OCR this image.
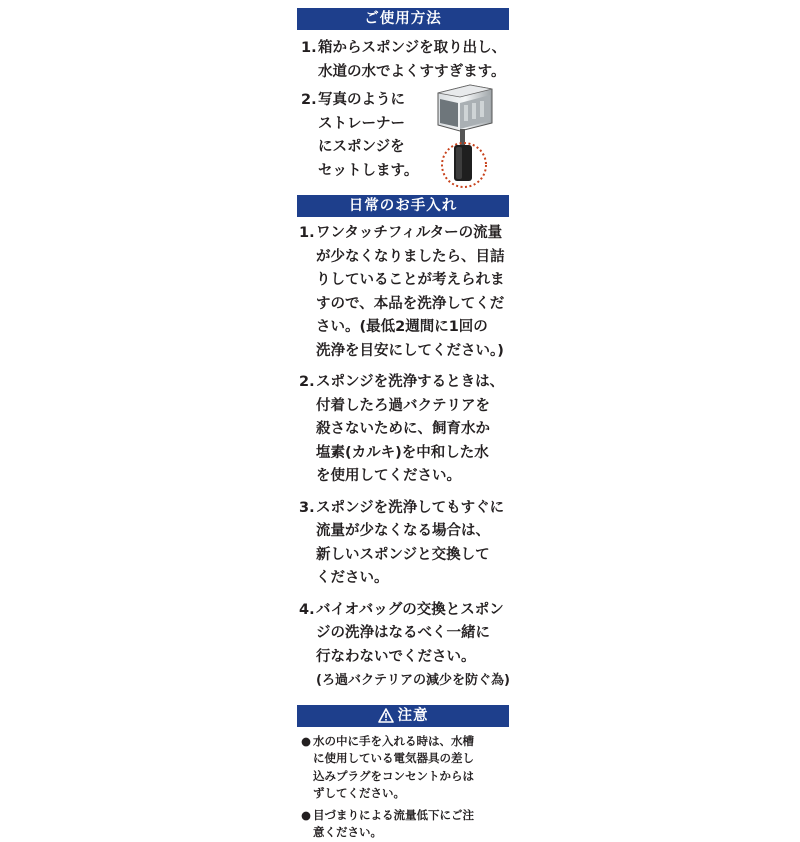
ご使用方法
1. 箱からスポンジを取り出し、
水道の水でよくすすぎます。
2. 写真のように
ストレーナー
にスポンジを
セットします。
日常のお手入れ
1. ワンタッチフィルターの流量
が少なくなりましたら、目詰
りしていることが考えられま
すので、本品を洗浄してくだ
さい。(最低2週間に1回の
洗浄を目安にしてください。)
2. スポンジを洗浄するときは、
付着したろ過バクテリアを
殺さないために、飼育水か
塩素(カルキ)を中和した水
を使用してください。
3. スポンジを洗浄してもすぐに
流量が少なくなる場合は、
新しいスポンジと交換して
ください。
4. バイオバッグの交換とスポン
ジの洗浄はなるべく一緒に
行なわないでください。
(ろ過バクテリアの減少を防ぐ為)
注意
● 水の中に手を入れる時は、水槽
に使用している電気器具の差し
込みプラグをコンセントからは
ずしてください。
● 目づまりによる流量低下にご注
意ください。
